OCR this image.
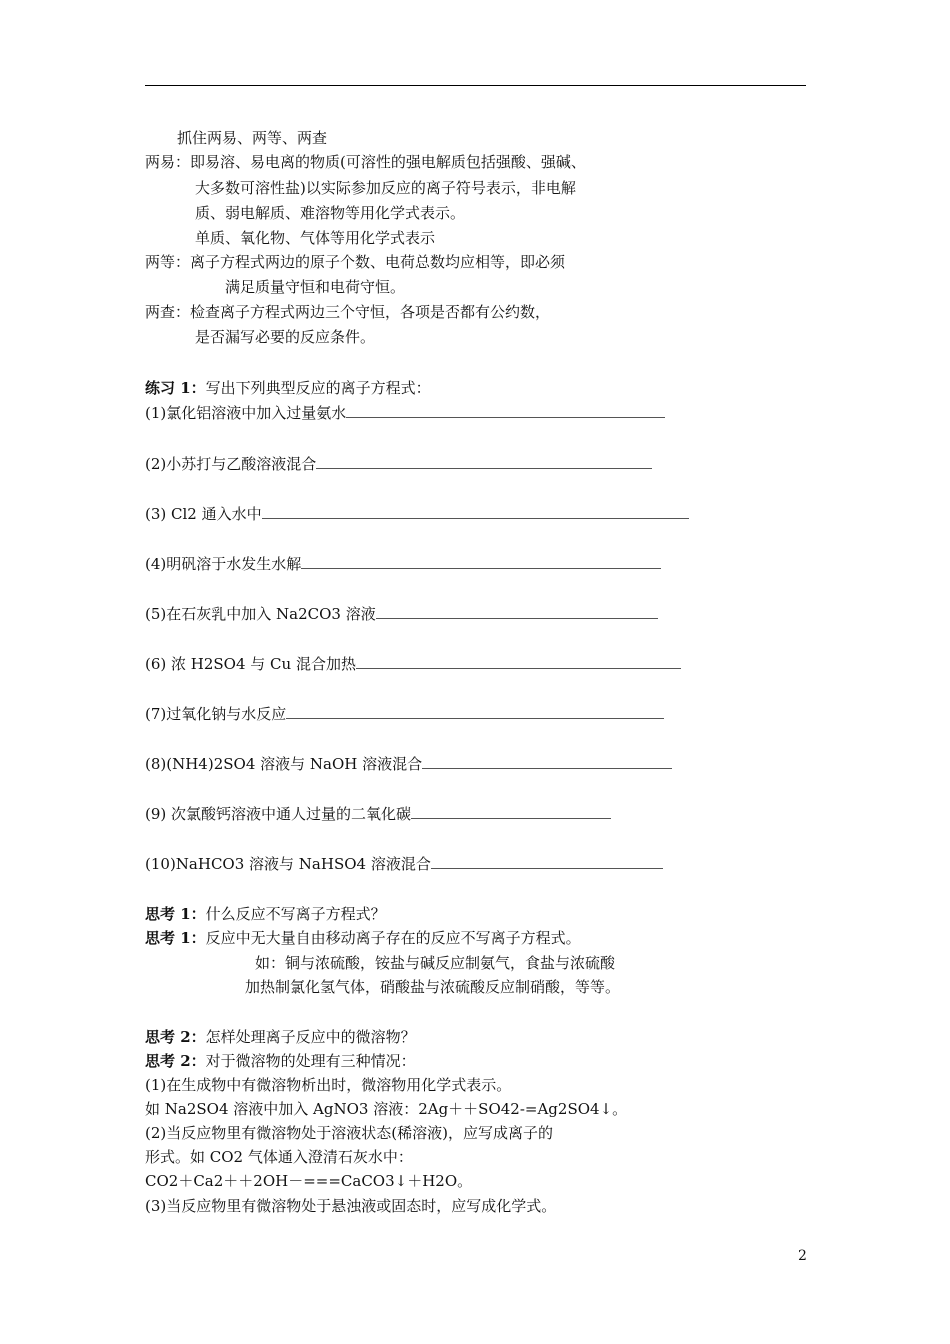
抓住两易、两等、两查
两易：即易溶、易电离的物质(可溶性的强电解质包括强酸、强碱、
大多数可溶性盐)以实际参加反应的离子符号表示，非电解
质、弱电解质、难溶物等用化学式表示。
单质、氧化物、气体等用化学式表示
两等：离子方程式两边的原子个数、电荷总数均应相等，即必须
满足质量守恒和电荷守恒。
两查：检查离子方程式两边三个守恒，各项是否都有公约数，
是否漏写必要的反应条件。
练习 1：写出下列典型反应的离子方程式：
(1)氯化铝溶液中加入过量氨水
(2)小苏打与乙酸溶液混合
(3) Cl2 通入水中
(4)明矾溶于水发生水解
(5)在石灰乳中加入 Na2CO3 溶液
(6) 浓 H2SO4 与 Cu 混合加热
(7)过氧化钠与水反应
(8)(NH4)2SO4 溶液与 NaOH 溶液混合
(9) 次氯酸钙溶液中通人过量的二氧化碳
(10)NaHCO3 溶液与 NaHSO4 溶液混合
思考 1：什么反应不写离子方程式？
思考 1：反应中无大量自由移动离子存在的反应不写离子方程式。
如：铜与浓硫酸，铵盐与碱反应制氨气，食盐与浓硫酸
加热制氯化氢气体，硝酸盐与浓硫酸反应制硝酸，等等。
思考 2：怎样处理离子反应中的微溶物？
思考 2：对于微溶物的处理有三种情况：
(1)在生成物中有微溶物析出时，微溶物用化学式表示。
如 Na2SO4 溶液中加入 AgNO3 溶液：2Ag＋＋SO42-=Ag2SO4↓。
(2)当反应物里有微溶物处于溶液状态(稀溶液)，应写成离子的
形式。如 CO2 气体通入澄清石灰水中：
CO2＋Ca2＋＋2OH－===CaCO3↓＋H2O。
(3)当反应物里有微溶物处于悬浊液或固态时，应写成化学式。
2
